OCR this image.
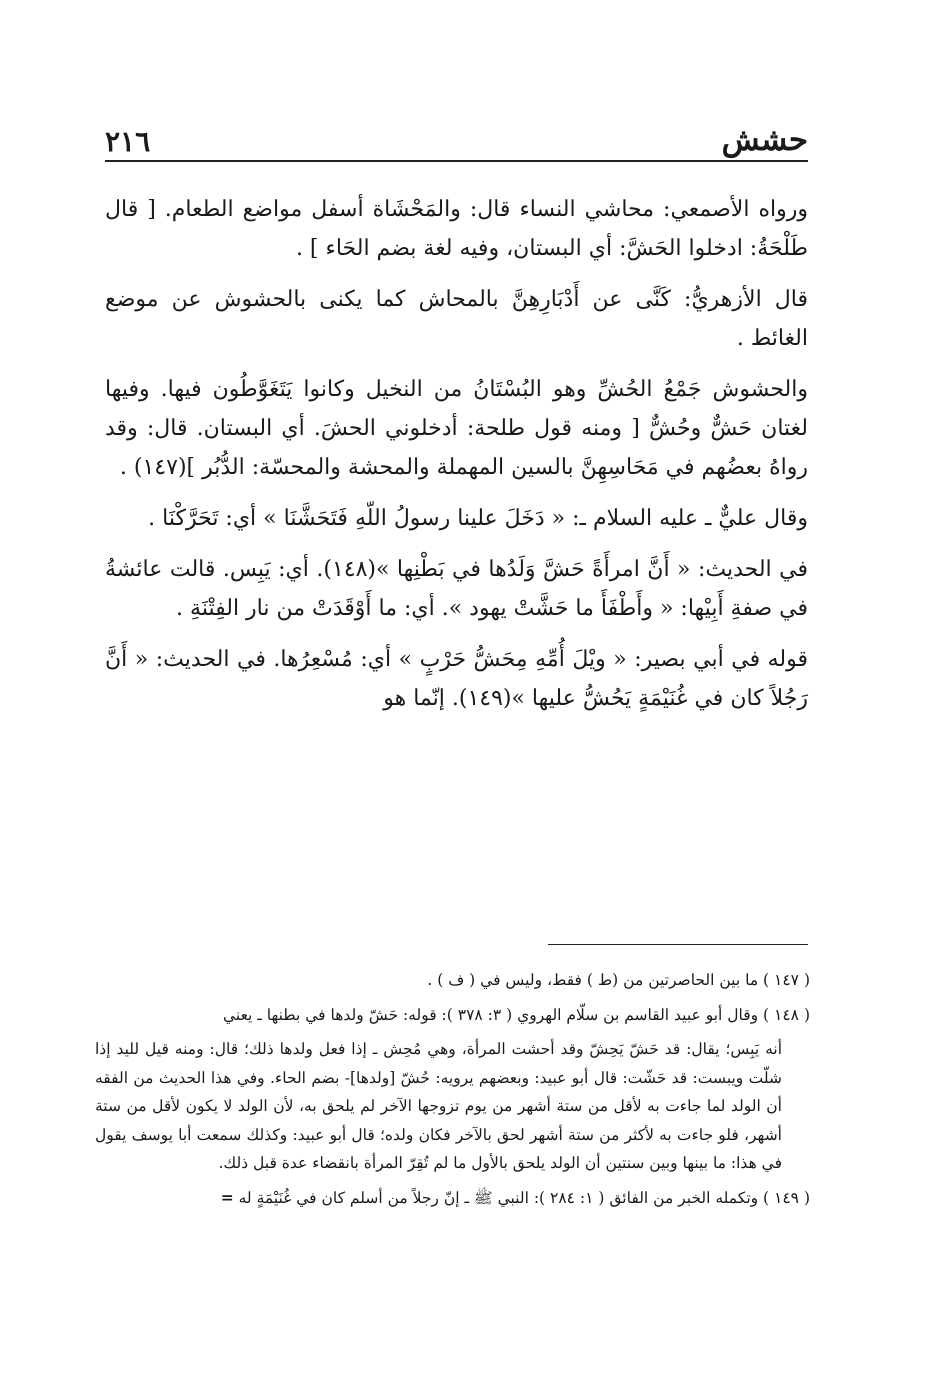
حشش
٢١٦

ورواه الأصمعي: محاشي النساء قال: والمَحْشَاة أسفل مواضع الطعام. [ قال طَلْحَةُ: ادخلوا الحَشَّ: أي البستان، وفيه لغة بضم الحَاء ] .

قال الأزهريُّ: كَنَّى عن أَدْبَارِهِنَّ بالمحاش كما يكنى بالحشوش عن موضع الغائط .

والحشوش جَمْعُ الحُشِّ وهو البُسْتَانُ من النخيل وكانوا يَتَغَوَّطُون فيها. وفيها لغتان حَشٌّ وحُشٌّ [ ومنه قول طلحة: أدخلوني الحشَ. أي البستان. قال: وقد رواهُ بعضُهم في مَحَاسِهِنَّ بالسين المهملة والمحشة والمحسّة: الدُّبُر ](١٤٧) .

وقال عليٌّ ـ عليه السلام ـ: « دَخَلَ علينا رسولُ اللّهِ فَتَحَشَّنَا » أي: تَحَرَّكْنَا .

في الحديث: « أَنَّ امرأَةً حَشَّ وَلَدُها في بَطْنِها »(١٤٨). أي: يَبِس. قالت عائشةُ في صفةِ أَبِيْها: « وأَطْفَأَ ما حَشَّتْ يهود ». أي: ما أَوْقَدَتْ من نار الفِتْنَةِ .

قوله في أبي بصير: « ويْلَ أُمِّهِ مِحَشُّ حَرْبٍ » أي: مُسْعِرُها. في الحديث: « أَنَّ رَجُلاً كان في غُنَيْمَةٍ يَحُشُّ عليها »(١٤٩). إنّما هو

( ١٤٧ ) ما بين الحاصرتين من (ط ) فقط، وليس في ( ف ) .

( ١٤٨ ) وقال أبو عبيد القاسم بن سلّام الهروي ( ٣: ٣٧٨ ): قوله: حَشّ ولدها في بطنها ـ يعني

أنه يَبِس؛ يقال: قد حَشّ يَحِشّ وقد أحشت المرأة، وهي مُحِش ـ إذا فعل ولدها ذلك؛ قال: ومنه قيل لليد إذا شلّت ويبست: قد حَشّت: قال أبو عبيد: وبعضهم يرويه: حُشّ [ولدها]- بضم الحاء. وفي هذا الحديث من الفقه أن الولد لما جاءت به لأقل من ستة أشهر من يوم تزوجها الآخر لم يلحق به، لأن الولد لا يكون لأقل من ستة أشهر، فلو جاءت به لأكثر من ستة أشهر لحق بالآخر فكان ولده؛ قال أبو عبيد: وكذلك سمعت أبا يوسف يقول في هذا: ما بينها وبين سنتين أن الولد يلحق بالأول ما لم تُقِرّ المرأة بانقضاء عدة قبل ذلك.

( ١٤٩ ) وتكمله الخبر من الفائق ( ١: ٢٨٤ ): النبي ﷺ ـ إنّ رجلاً من أسلم كان في غُنَيْمَةٍ له =
